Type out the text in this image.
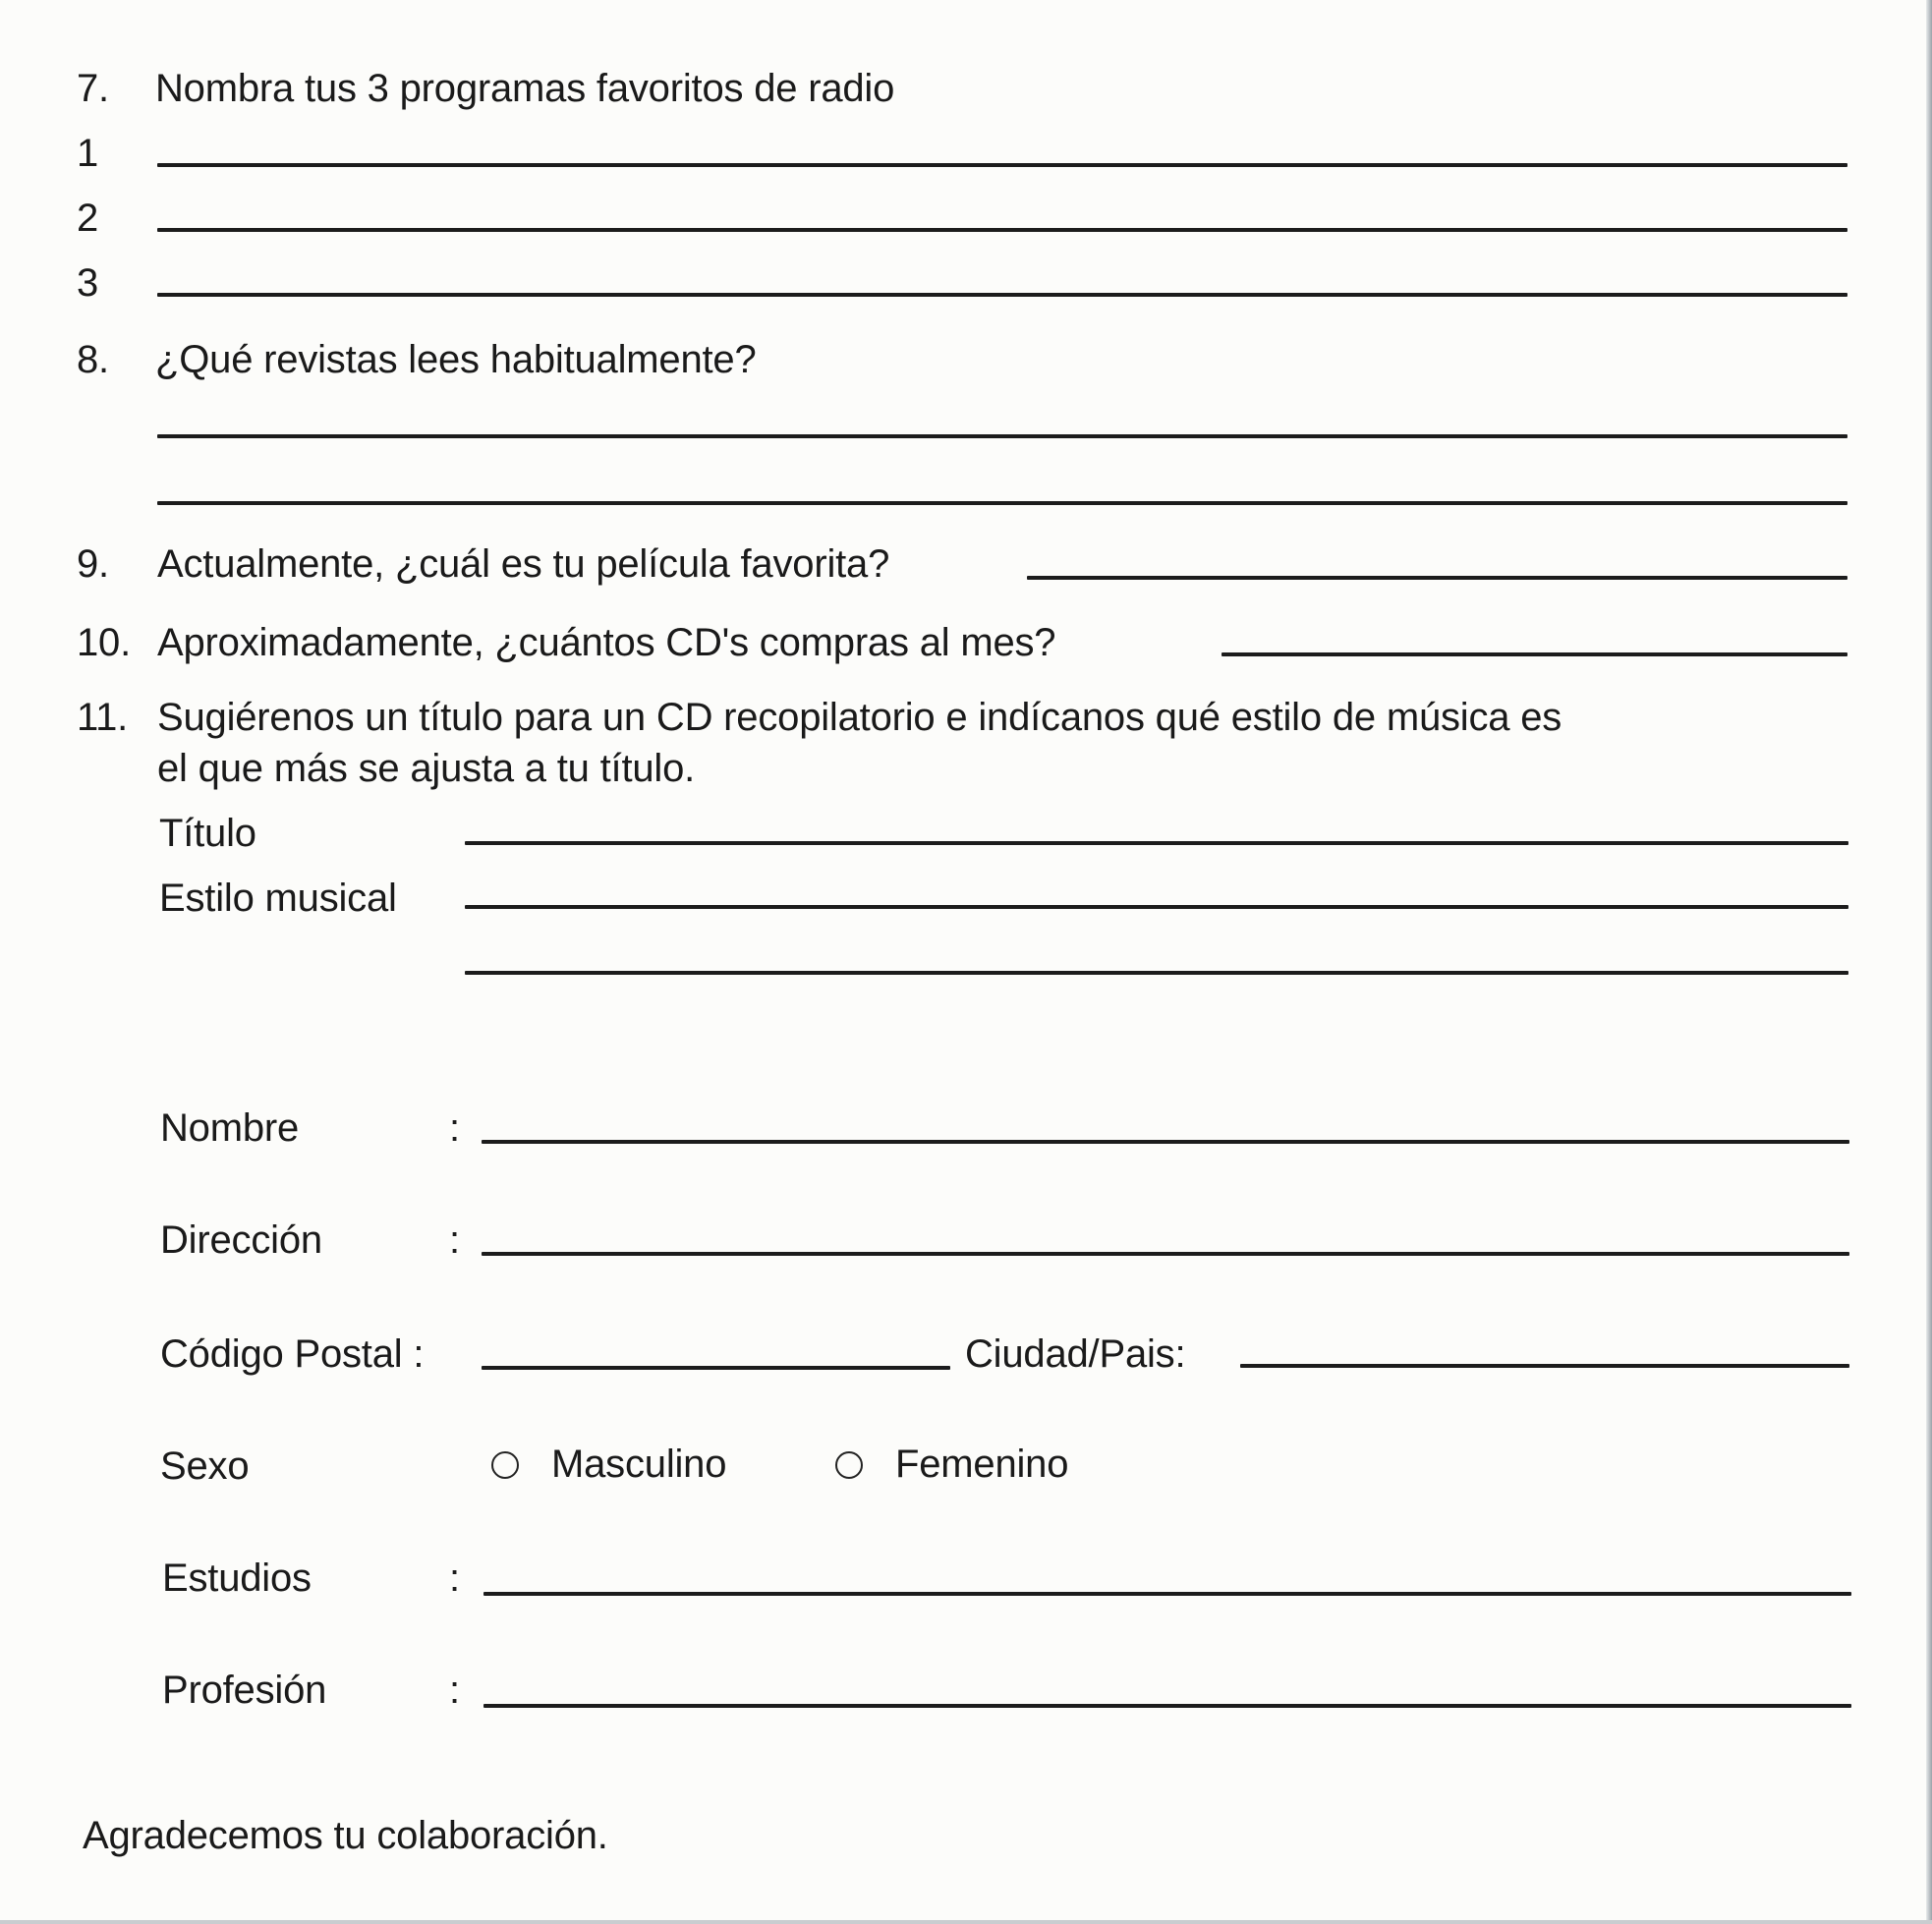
7. Nombra tus 3 programas favoritos de radio
1
2
3
8. ¿Qué revistas lees habitualmente?
9. Actualmente, ¿cuál es tu película favorita?
10. Aproximadamente, ¿cuántos CD's compras al mes?
11. Sugiérenos un título para un CD recopilatorio e indícanos qué estilo de música es
el que más se ajusta a tu título.
Título
Estilo musical
Nombre	:
Dirección	:
Código Postal :	Ciudad/Pais:
Sexo	Masculino	Femenino
Estudios	:
Profesión	:
Agradecemos tu colaboración.
